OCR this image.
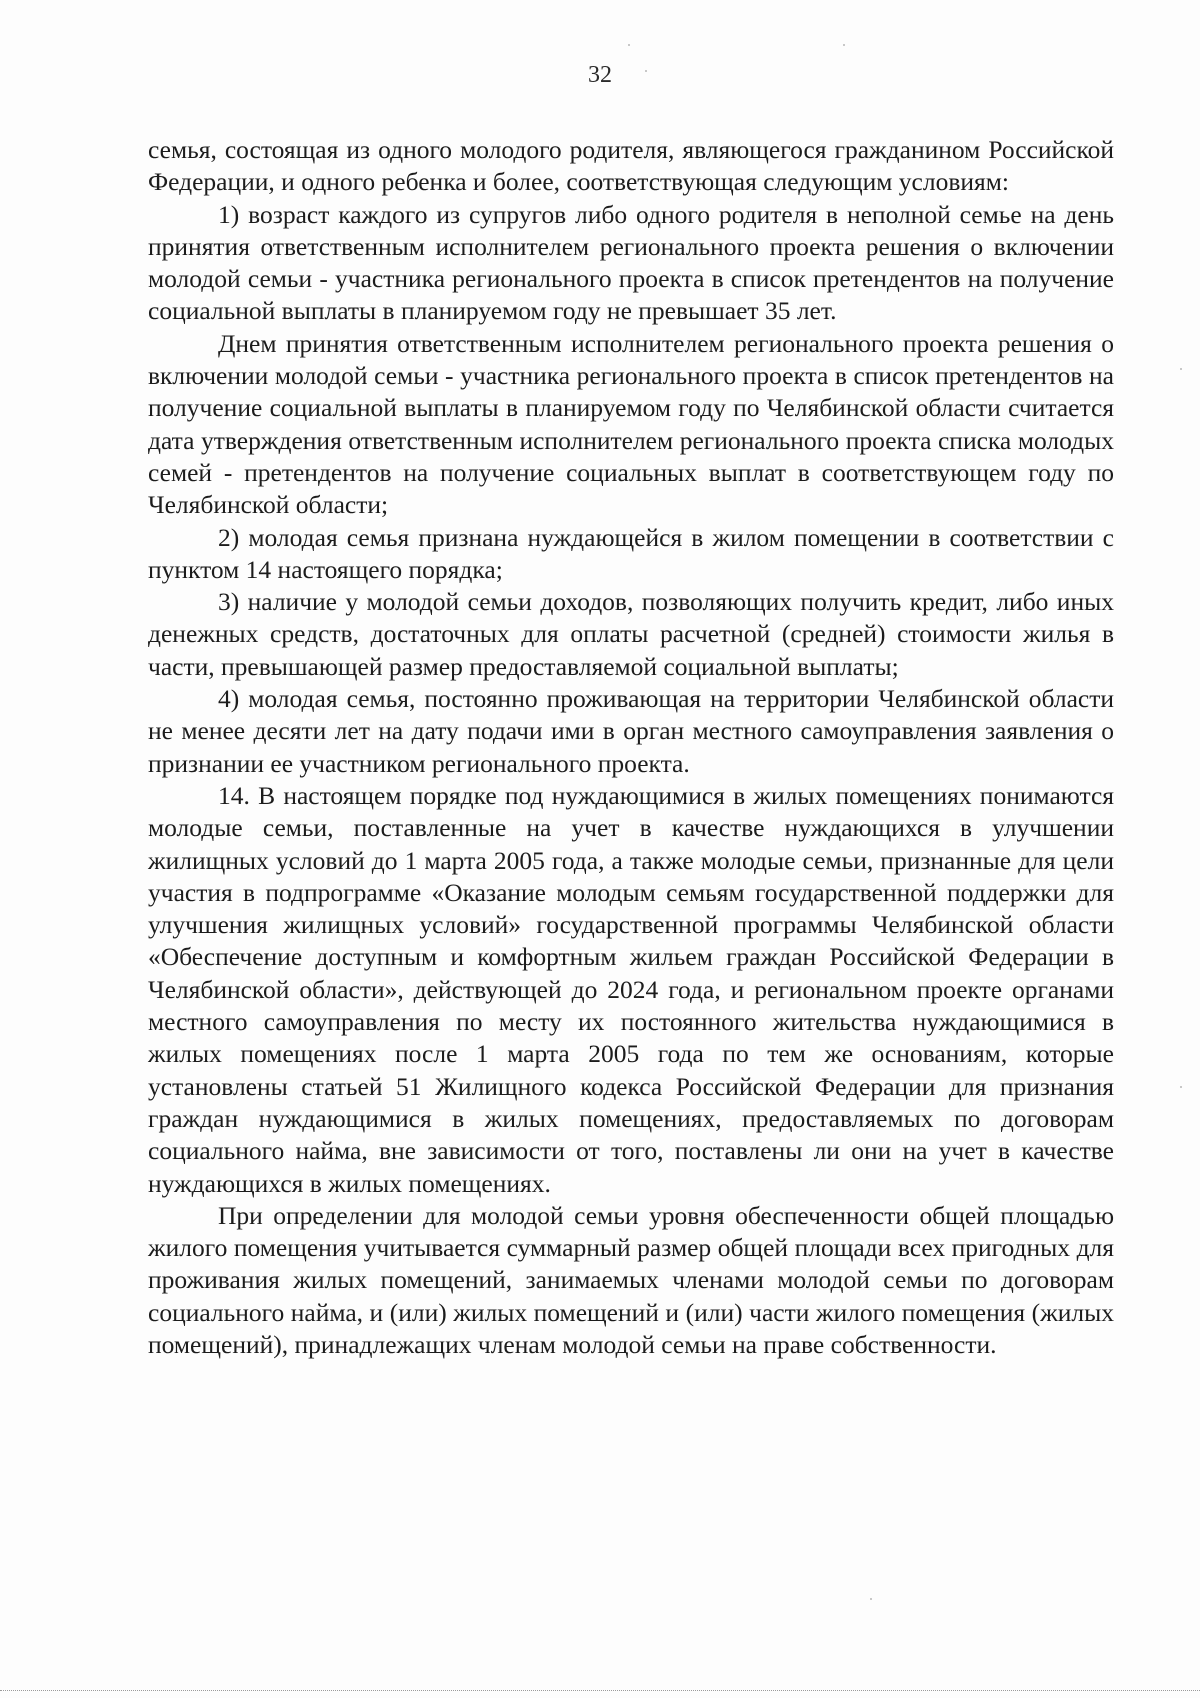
32

семья, состоящая из одного молодого родителя, являющегося гражданином Российской Федерации, и одного ребенка и более, соответствующая следующим условиям:

1) возраст каждого из супругов либо одного родителя в неполной семье на день принятия ответственным исполнителем регионального проекта решения о включении молодой семьи - участника регионального проекта в список претендентов на получение социальной выплаты в планируемом году не превышает 35 лет.

Днем принятия ответственным исполнителем регионального проекта решения о включении молодой семьи - участника регионального проекта в список претендентов на получение социальной выплаты в планируемом году по Челябинской области считается дата утверждения ответственным исполнителем регионального проекта списка молодых семей - претендентов на получение социальных выплат в соответствующем году по Челябинской области;

2) молодая семья признана нуждающейся в жилом помещении в соответствии с пунктом 14 настоящего порядка;

3) наличие у молодой семьи доходов, позволяющих получить кредит, либо иных денежных средств, достаточных для оплаты расчетной (средней) стоимости жилья в части, превышающей размер предоставляемой социальной выплаты;

4) молодая семья, постоянно проживающая на территории Челябинской области не менее десяти лет на дату подачи ими в орган местного самоуправления заявления о признании ее участником регионального проекта.

14. В настоящем порядке под нуждающимися в жилых помещениях понимаются молодые семьи, поставленные на учет в качестве нуждающихся в улучшении жилищных условий до 1 марта 2005 года, а также молодые семьи, признанные для цели участия в подпрограмме «Оказание молодым семьям государственной поддержки для улучшения жилищных условий» государственной программы Челябинской области «Обеспечение доступным и комфортным жильем граждан Российской Федерации в Челябинской области», действующей до 2024 года, и региональном проекте органами местного самоуправления по месту их постоянного жительства нуждающимися в жилых помещениях после 1 марта 2005 года по тем же основаниям, которые установлены статьей 51 Жилищного кодекса Российской Федерации для признания граждан нуждающимися в жилых помещениях, предоставляемых по договорам социального найма, вне зависимости от того, поставлены ли они на учет в качестве нуждающихся в жилых помещениях.

При определении для молодой семьи уровня обеспеченности общей площадью жилого помещения учитывается суммарный размер общей площади всех пригодных для проживания жилых помещений, занимаемых членами молодой семьи по договорам социального найма, и (или) жилых помещений и (или) части жилого помещения (жилых помещений), принадлежащих членам молодой семьи на праве собственности.
